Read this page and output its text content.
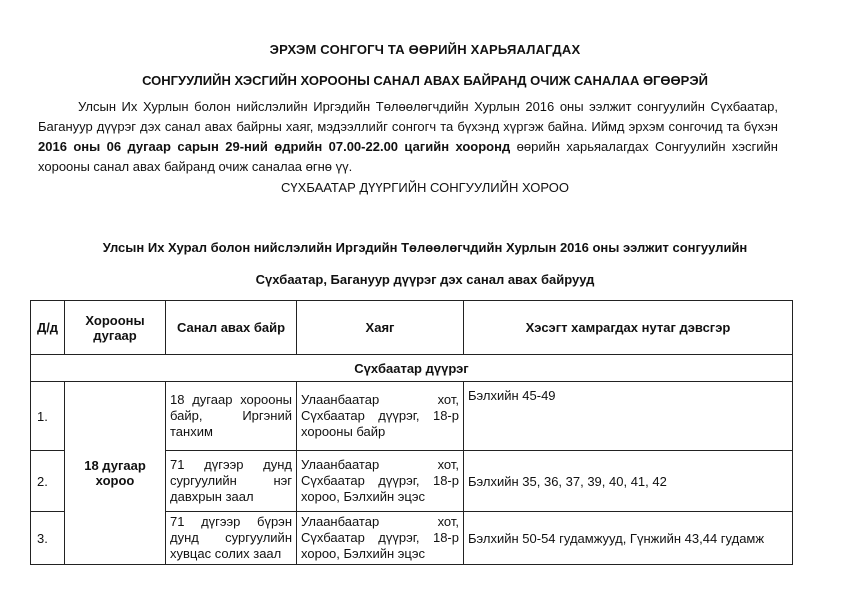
ЭРХЭМ СОНГОГЧ ТА ӨӨРИЙН ХАРЬЯАЛАГДАХ
СОНГУУЛИЙН ХЭСГИЙН ХОРООНЫ САНАЛ АВАХ БАЙРАНД ОЧИЖ САНАЛАА ӨГӨӨРЭЙ
Улсын Их Хурлын болон нийслэлийн Иргэдийн Төлөөлөгчдийн Хурлын 2016 оны ээлжит сонгуулийн Сүхбаатар, Багануур дүүрэг дэх санал авах байрны хаяг, мэдээллийг сонгогч та бүхэнд хүргэж байна. Иймд эрхэм сонгочид та бүхэн 2016 оны 06 дугаар сарын 29-ний өдрийн 07.00-22.00 цагийн хооронд өөрийн харьяалагдах Сонгуулийн хэсгийн хорооны санал авах байранд очиж саналаа өгнө үү.
СҮХБААТАР ДҮҮРГИЙН СОНГУУЛИЙН ХОРОО
Улсын Их Хурал болон нийслэлийн Иргэдийн Төлөөлөгчдийн Хурлын 2016 оны ээлжит сонгуулийн
Сүхбаатар, Багануур дүүрэг дэх санал авах байрууд
Д/д	Хорооны дугаар	Санал авах байр	Хаяг	Хэсэгт хамрагдах нутаг дэвсгэр
Сүхбаатар дүүрэг				
1.	18 дугаар хороо	18 дугаар хорооны байр, Иргэний танхим	Улаанбаатар хот, Сүхбаатар дүүрэг, 18-р хорооны байр	Бэлхийн 45-49
2.		71 дүгээр дунд сургуулийн нэг давхрын заал	Улаанбаатар хот, Сүхбаатар дүүрэг, 18-р хороо, Бэлхийн эцэс	Бэлхийн 35, 36, 37, 39, 40, 41, 42
3.		71 дүгээр бүрэн дунд сургуулийн хувцас солих заал	Улаанбаатар хот, Сүхбаатар дүүрэг, 18-р хороо, Бэлхийн эцэс	Бэлхийн 50-54 гудамжууд, Гүнжийн 43,44 гудамж
